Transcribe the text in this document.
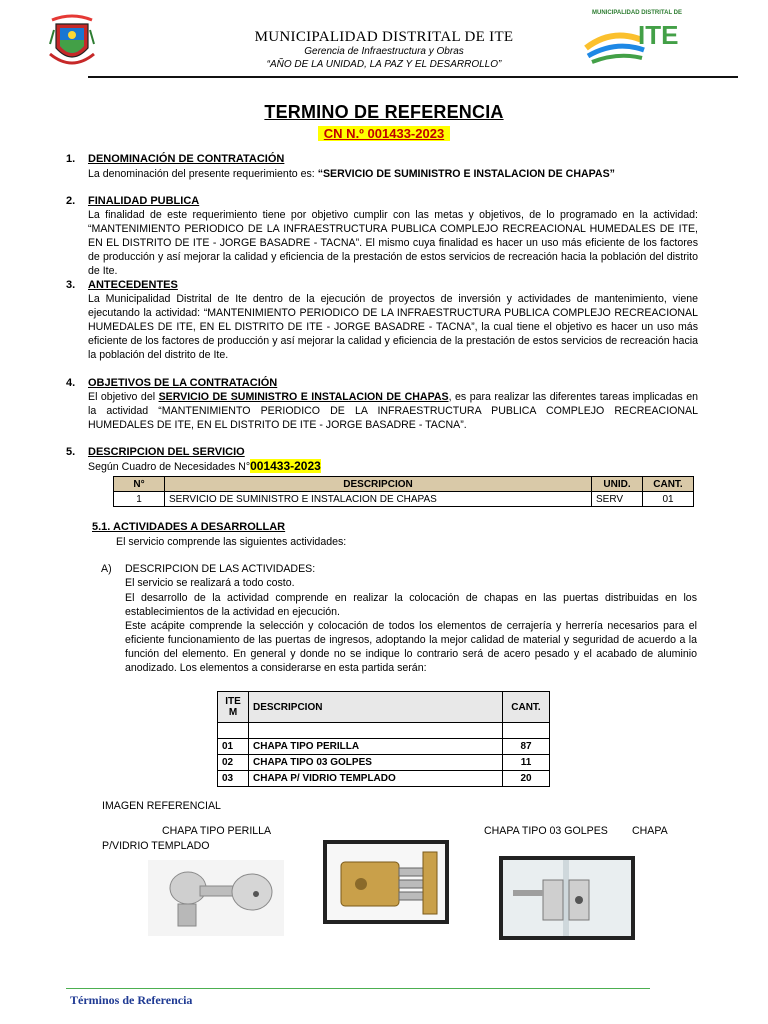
MUNICIPALIDAD DISTRITAL DE ITE
Gerencia de Infraestructura y Obras
“AÑO DE LA UNIDAD, LA PAZ Y EL DESARROLLO”
MUNICIPALIDAD DISTRITAL DE
ITE
TERMINO DE REFERENCIA
CN N.º 001433-2023
1. DENOMINACIÓN DE CONTRATACIÓN
La denominación del presente requerimiento es: “SERVICIO DE SUMINISTRO E INSTALACION DE CHAPAS”
2. FINALIDAD PUBLICA
La finalidad de este requerimiento tiene por objetivo cumplir con las metas y objetivos, de lo programado en la actividad: “MANTENIMIENTO PERIODICO DE LA INFRAESTRUCTURA PUBLICA COMPLEJO RECREACIONAL HUMEDALES DE ITE, EN EL DISTRITO DE ITE - JORGE BASADRE - TACNA”. El mismo cuya finalidad es hacer un uso más eficiente de los factores de producción y así mejorar la calidad y eficiencia de la prestación de estos servicios de recreación hacia la población del distrito de Ite.
3. ANTECEDENTES
La Municipalidad Distrital de Ite dentro de la ejecución de proyectos de inversión y actividades de mantenimiento, viene ejecutando la actividad: “MANTENIMIENTO PERIODICO DE LA INFRAESTRUCTURA PUBLICA COMPLEJO RECREACIONAL HUMEDALES DE ITE, EN EL DISTRITO DE ITE - JORGE BASADRE - TACNA”, la cual tiene el objetivo es hacer un uso más eficiente de los factores de producción y así mejorar la calidad y eficiencia de la prestación de estos servicios de recreación hacia la población del distrito de Ite.
4. OBJETIVOS DE LA CONTRATACIÓN
El objetivo del SERVICIO DE SUMINISTRO E INSTALACION DE CHAPAS, es para realizar las diferentes tareas implicadas en la actividad “MANTENIMIENTO PERIODICO DE LA INFRAESTRUCTURA PUBLICA COMPLEJO RECREACIONAL HUMEDALES DE ITE, EN EL DISTRITO DE ITE - JORGE BASADRE - TACNA”.
5. DESCRIPCION DEL SERVICIO
Según Cuadro de Necesidades N°001433-2023
N°	DESCRIPCION	UNID.	CANT.
1	SERVICIO DE SUMINISTRO E INSTALACION DE CHAPAS	SERV	01
5.1. ACTIVIDADES A DESARROLLAR
El servicio comprende las siguientes actividades:
A) DESCRIPCION DE LAS ACTIVIDADES:
El servicio se realizará a todo costo.
El desarrollo de la actividad comprende en realizar la colocación de chapas en las puertas distribuidas en los establecimientos de la actividad en ejecución.
Este acápite comprende la selección y colocación de todos los elementos de cerrajería y herrería necesarios para el eficiente funcionamiento de las puertas de ingresos, adoptando la mejor calidad de material y seguridad de acuerdo a la función del elemento. En general y donde no se indique lo contrario será de acero pesado y el acabado de aluminio anodizado. Los elementos a considerarse en esta partida serán:
ITEM	DESCRIPCION	CANT.

01	CHAPA TIPO PERILLA	87
02	CHAPA TIPO 03 GOLPES	11
03	CHAPA P/ VIDRIO TEMPLADO	20
IMAGEN REFERENCIAL
CHAPA TIPO PERILLA	CHAPA TIPO 03 GOLPES CHAPA
P/VIDRIO TEMPLADO
Términos de Referencia
